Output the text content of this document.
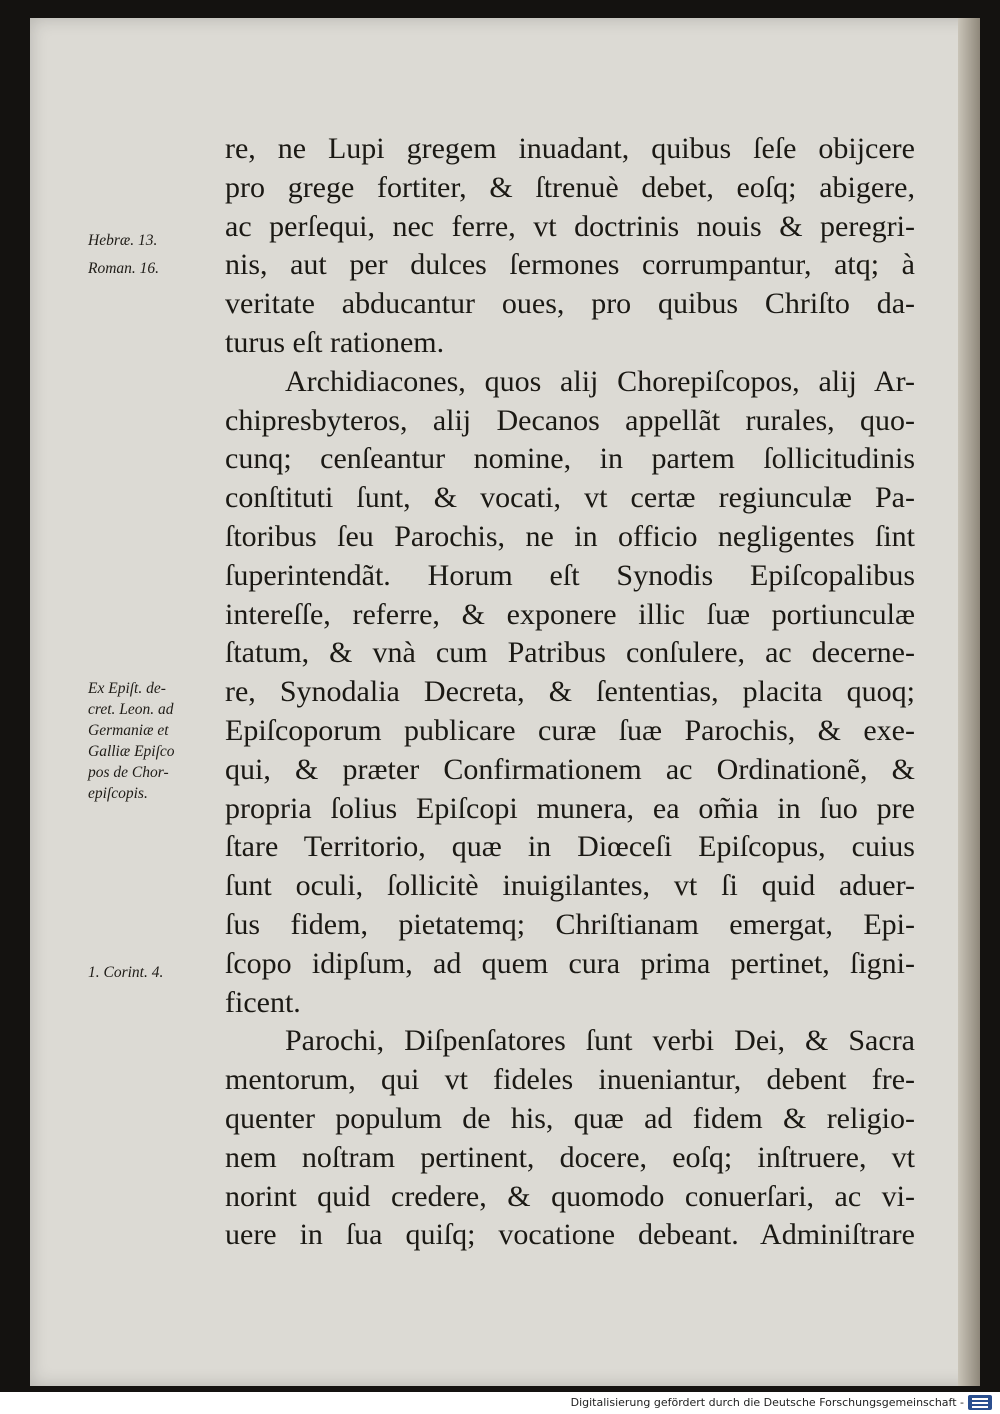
re, ne Lupi gregem inuadant, quibus ſeſe obijcere
pro grege fortiter, & ſtrenuè debet, eoſq; abigere,
ac perſequi, nec ferre, vt doctrinis nouis & peregri-
nis, aut per dulces ſermones corrumpantur, atq; à
veritate abducantur oues, pro quibus Chriſto da-
turus eſt rationem.
Archidiacones, quos alij Chorepiſcopos, alij Ar-
chipresbyteros, alij Decanos appellãt rurales, quo-
cunq; cenſeantur nomine, in partem ſollicitudinis
conſtituti ſunt, & vocati, vt certæ regiunculæ Pa-
ſtoribus ſeu Parochis, ne in officio negligentes ſint
ſuperintendãt. Horum eſt Synodis Epiſcopalibus
intereſſe, referre, & exponere illic ſuæ portiunculæ
ſtatum, & vnà cum Patribus conſulere, ac decerne-
re, Synodalia Decreta, & ſententias, placita quoq;
Epiſcoporum publicare curæ ſuæ Parochis, & exe-
qui, & præter Confirmationem ac Ordinationẽ, &
propria ſolius Epiſcopi munera, ea om̃ia in ſuo pre
ſtare Territorio, quæ in Diœceſi Epiſcopus, cuius
ſunt oculi, ſollicitè inuigilantes, vt ſi quid aduer-
ſus fidem, pietatemq; Chriſtianam emergat, Epi-
ſcopo idipſum, ad quem cura prima pertinet, ſigni-
ficent.
Parochi, Diſpenſatores ſunt verbi Dei, & Sacra
mentorum, qui vt fideles inueniantur, debent fre-
quenter populum de his, quæ ad fidem & religio-
nem noſtram pertinent, docere, eoſq; inſtruere, vt
norint quid credere, & quomodo conuerſari, ac vi-
uere in ſua quiſq; vocatione debeant. Adminiſtrare
Hebræ. 13.
Roman. 16.
Ex Epiſt. de-
cret. Leon. ad
Germaniæ et
Galliæ Epiſco
pos de Chor-
epiſcopis.
1. Corint. 4.
Digitalisierung gefördert durch die Deutsche Forschungsgemeinschaft -
